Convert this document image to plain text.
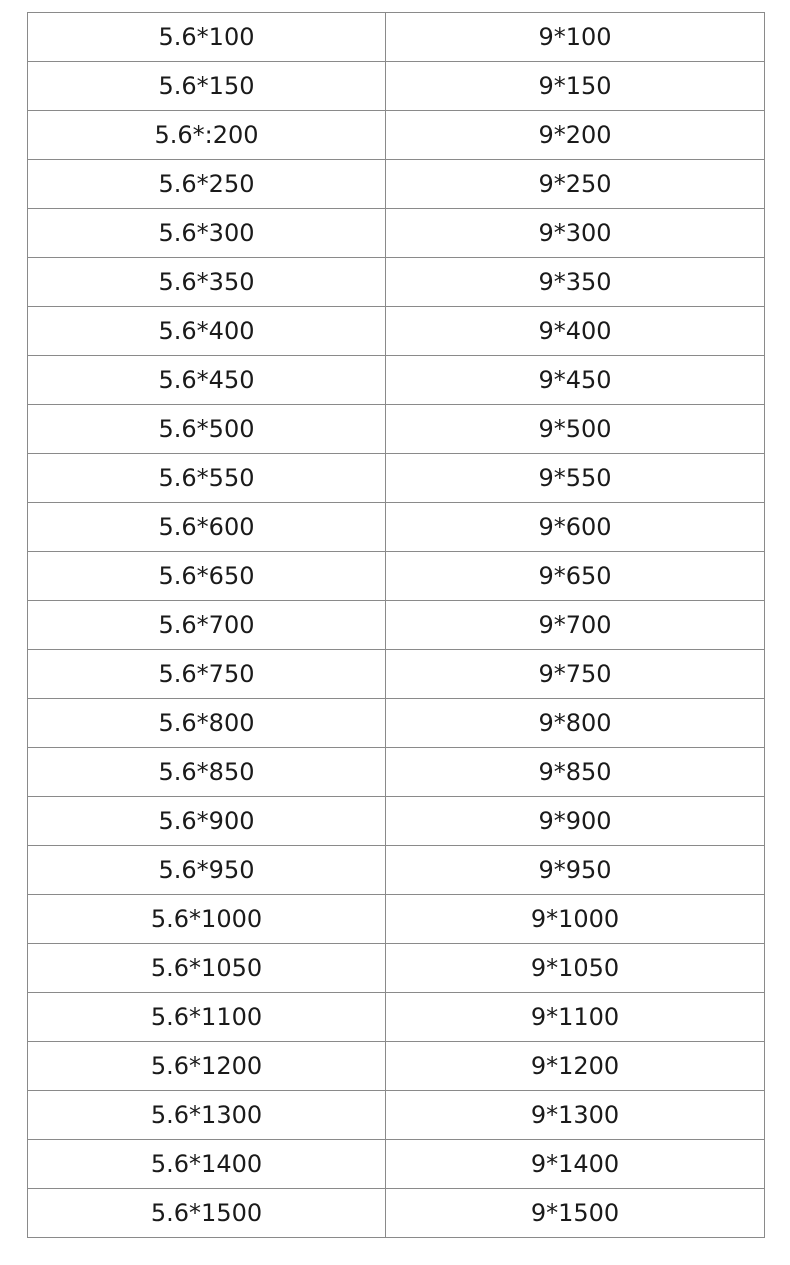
5.6*100	9*100
5.6*150	9*150
5.6*:200	9*200
5.6*250	9*250
5.6*300	9*300
5.6*350	9*350
5.6*400	9*400
5.6*450	9*450
5.6*500	9*500
5.6*550	9*550
5.6*600	9*600
5.6*650	9*650
5.6*700	9*700
5.6*750	9*750
5.6*800	9*800
5.6*850	9*850
5.6*900	9*900
5.6*950	9*950
5.6*1000	9*1000
5.6*1050	9*1050
5.6*1100	9*1100
5.6*1200	9*1200
5.6*1300	9*1300
5.6*1400	9*1400
5.6*1500	9*1500
